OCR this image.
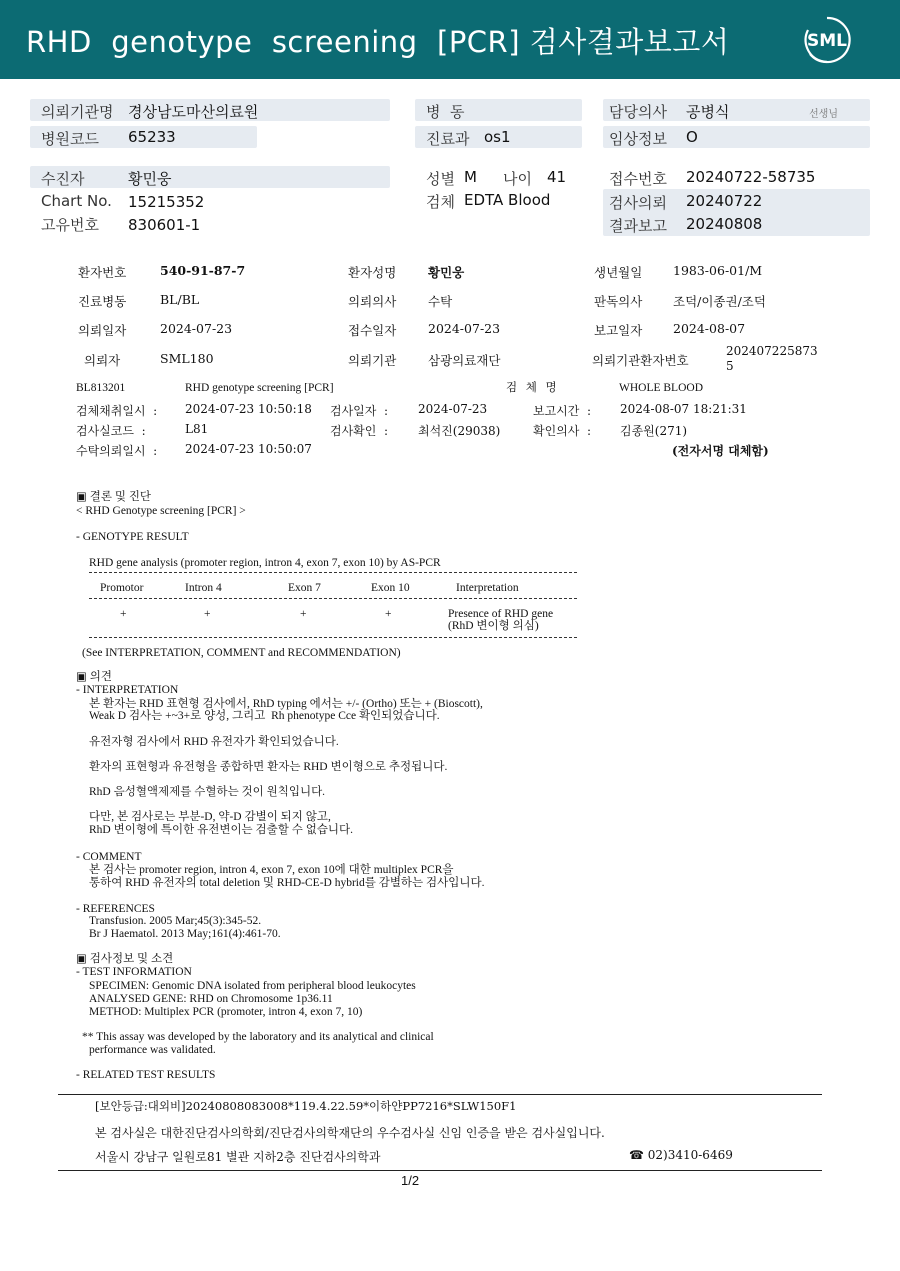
RHD  genotype  screening  [PCR] 검사결과보고서	SML
의뢰기관명 경상남도마산의료원
병원코드 65233
병  동
진료과 os1
담당의사 공병식	선생님
임상정보 O
수진자	황민웅
Chart No. 15215352
고유번호 830601-1
성별 M 나이 41
검체 EDTA Blood
접수번호 20240722-58735
검사의뢰 20240722
결과보고 20240808
환자번호	540-91-87-7	환자성명	황민웅	생년월일 1983-06-01/M
진료병동	BL/BL	의뢰의사	수탁	판독의사 조덕/이종권/조덕
의뢰일자	2024-07-23	접수일자	2024-07-23	보고일자 2024-08-07
의뢰자	SML180	의뢰기관	삼광의료재단	의뢰기관환자번호
202407225873
5
BL813201	RHD genotype screening [PCR]	검   체   명	WHOLE BLOOD
검체채취일시  : 2024-07-23 10:50:18 검사일자  : 2024-07-23	보고시간  : 2024-08-07 18:21:31
검사실코드  :	L81	검사확인  : 최석진(29038)	확인의사  : 김종원(271)
수탁의뢰일시  : 2024-07-23 10:50:07	(전자서명 대체함)
▣ 결론 및 진단
< RHD Genotype screening [PCR] >
- GENOTYPE RESULT
RHD gene analysis (promoter region, intron 4, exon 7, exon 10) by AS-PCR
Promotor	Intron 4	Exon 7	Exon 10	Interpretation
+	+	+	+	Presence of RHD gene
(RhD 변이형 의심)
(See INTERPRETATION, COMMENT and RECOMMENDATION)
▣ 의견
- INTERPRETATION
본 환자는 RHD 표현형 검사에서, RhD typing 에서는 +/- (Ortho) 또는 + (Bioscott),
Weak D 검사는 +~3+로 양성, 그리고  Rh phenotype Cce 확인되었습니다.
유전자형 검사에서 RHD 유전자가 확인되었습니다.
환자의 표현형과 유전형을 종합하면 환자는 RHD 변이형으로 추정됩니다.
RhD 음성혈액제제를 수혈하는 것이 원칙입니다.
다만, 본 검사로는 부분-D, 약-D 감별이 되지 않고,
RhD 변이형에 특이한 유전변이는 검출할 수 없습니다.
- COMMENT
본 검사는 promoter region, intron 4, exon 7, exon 10에 대한 multiplex PCR을
통하여 RHD 유전자의 total deletion 및 RHD-CE-D hybrid를 감별하는 검사입니다.
- REFERENCES
Transfusion. 2005 Mar;45(3):345-52.
Br J Haematol. 2013 May;161(4):461-70.
▣ 검사정보 및 소견
- TEST INFORMATION
SPECIMEN: Genomic DNA isolated from peripheral blood leukocytes
ANALYSED GENE: RHD on Chromosome 1p36.11
METHOD: Multiplex PCR (promoter, intron 4, exon 7, 10)
** This assay was developed by the laboratory and its analytical and clinical
performance was validated.
- RELATED TEST RESULTS
[보안등급:대외비]20240808083008*119.4.22.59*이하얀PP7216*SLW150F1
본 검사실은 대한진단검사의학회/진단검사의학재단의 우수검사실 신임 인증을 받은 검사실입니다.
서울시 강남구 일원로81 별관 지하2층 진단검사의학과	☎ 02)3410-6469
1/2
